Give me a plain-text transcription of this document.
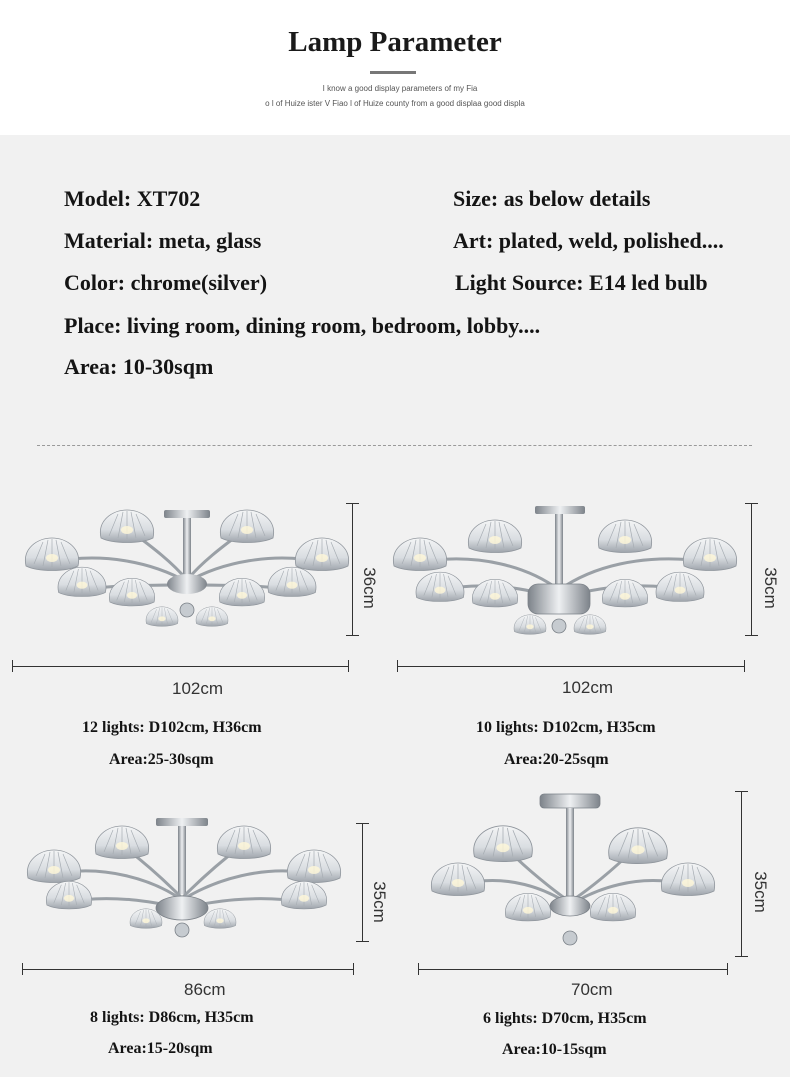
Lamp Parameter
I know a good display parameters of my Fia
o l of Huize ister V Fiao l of Huize county from a good displaa good displa
Model: XT702	Size: as below details
Material: meta, glass	Art: plated, weld, polished....
Color: chrome(silver)	Light Source: E14 led bulb
Place: living room, dining room, bedroom, lobby....
Area: 10-30sqm
36cm
102cm
12 lights: D102cm, H36cm
Area:25-30sqm
35cm
102cm
10 lights: D102cm, H35cm
Area:20-25sqm
35cm
86cm
8 lights: D86cm, H35cm
Area:15-20sqm
35cm
70cm
6 lights: D70cm, H35cm
Area:10-15sqm
